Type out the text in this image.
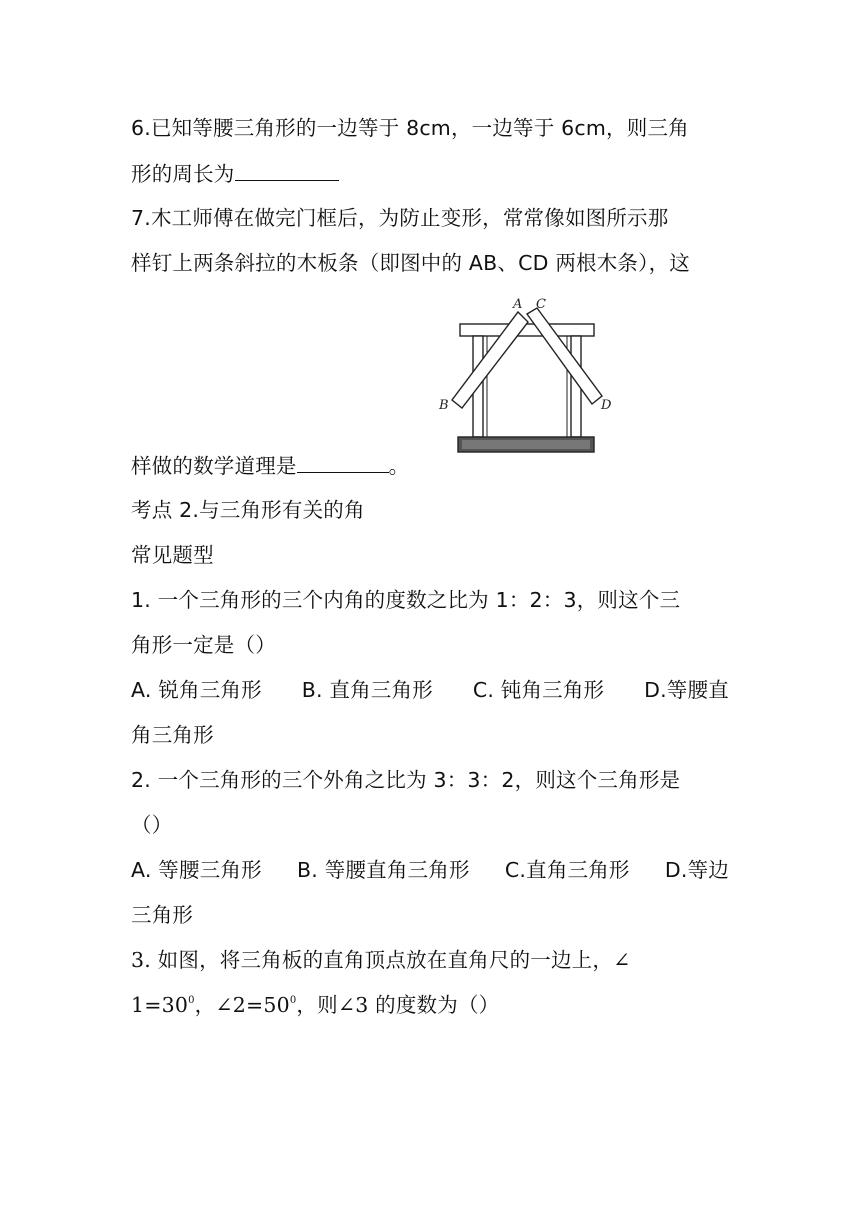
6.已知等腰三角形的一边等于 8cm，一边等于 6cm，则三角
形的周长为
7.木工师傅在做完门框后，为防止变形，常常像如图所示那
样钉上两条斜拉的木板条（即图中的 AB、CD 两根木条），这
A C
B	D
样做的数学道理是	。
考点 2.与三角形有关的角
常见题型
1. 一个三角形的三个内角的度数之比为 1：2：3，则这个三
角形一定是（）
A. 锐角三角形 B. 直角三角形 C. 钝角三角形 D.等腰直
角三角形
2. 一个三角形的三个外角之比为 3：3：2，则这个三角形是
（）
A. 等腰三角形 B. 等腰直角三角形 C.直角三角形 D.等边
三角形
3. 如图，将三角板的直角顶点放在直角尺的一边上，∠
$1=30^0$，$\angle 2=50^0$，则∠3 的度数为（）
